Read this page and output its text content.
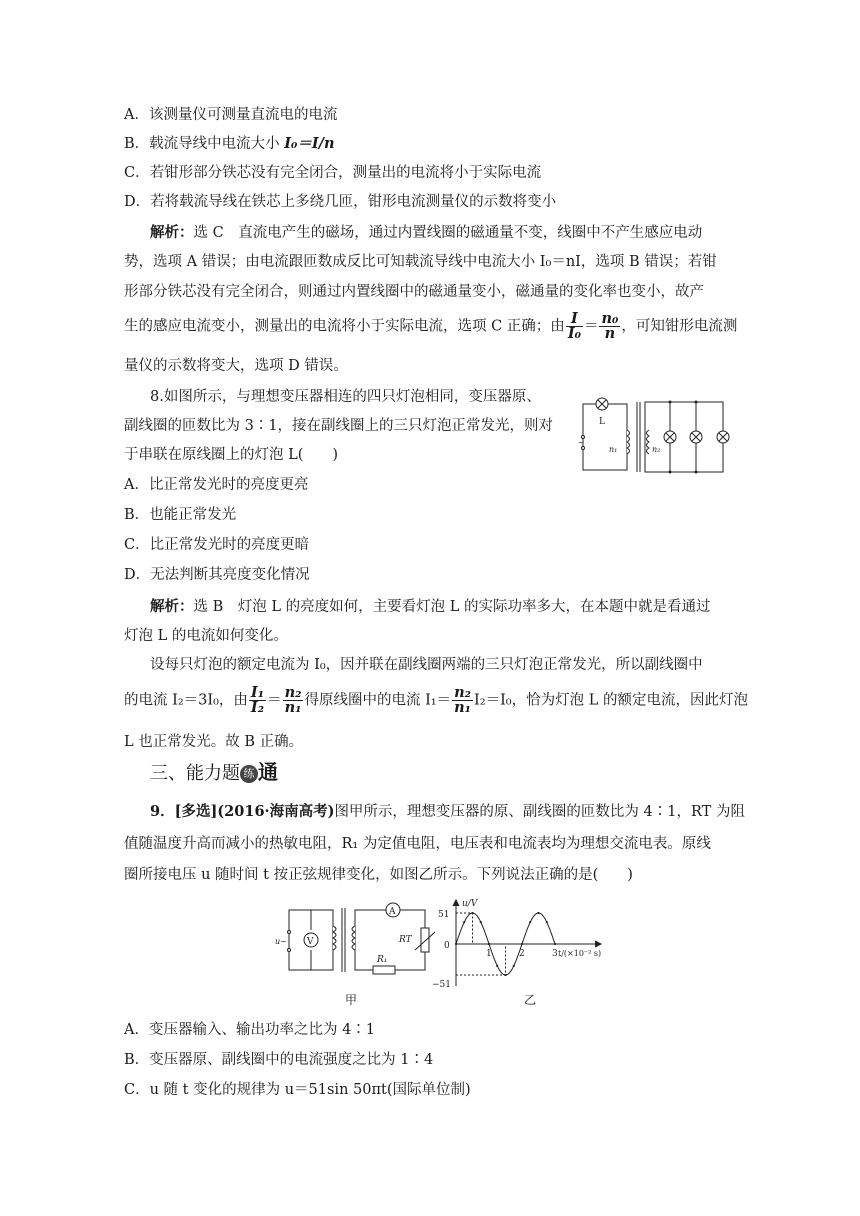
A．该测量仪可测量直流电的电流
B．载流导线中电流大小 I₀＝I/n
C．若钳形部分铁芯没有完全闭合，测量出的电流将小于实际电流
D．若将载流导线在铁芯上多绕几匝，钳形电流测量仪的示数将变小
解析：选 C　直流电产生的磁场，通过内置线圈的磁通量不变，线圈中不产生感应电动
势，选项 A 错误；由电流跟匝数成反比可知载流导线中电流大小 I₀＝nI，选项 B 错误；若钳
形部分铁芯没有完全闭合，则通过内置线圈中的磁通量变小，磁通量的变化率也变小，故产
生的感应电流变小，测量出的电流将小于实际电流，选项 C 正确；由 $\frac{I}{\text{I₀}} = \frac{\text{n₀}}{n}$ ，可知钳形电流测
量仪的示数将变大，选项 D 错误。
8.如图所示，与理想变压器相连的四只灯泡相同，变压器原、
副线圈的匝数比为 3∶1，接在副线圈上的三只灯泡正常发光，则对
于串联在原线圈上的灯泡 L(　　)
A．比正常发光时的亮度更亮
B．也能正常发光
C．比正常发光时的亮度更暗
D．无法判断其亮度变化情况
~
L
n₁	n₂
解析：选 B　灯泡 L 的亮度如何，主要看灯泡 L 的实际功率多大，在本题中就是看通过
灯泡 L 的电流如何变化。
设每只灯泡的额定电流为 I₀，因并联在副线圈两端的三只灯泡正常发光，所以副线圈中
的电流 I₂＝3I₀，由 $\frac{\text{I₁}}{\text{I₂}} = \frac{\text{n₂}}{\text{n₁}}$ 得原线圈中的电流 $I_1= \frac{\text{n₂}}{\text{n₁}} I_2=I_0$，恰为灯泡 L 的额定电流，因此灯泡
L 也正常发光。故 B 正确。
三、能力题 练 通
9．[多选](2016·海南高考)图甲所示，理想变压器的原、副线圈的匝数比为 4∶1，RT 为阻
值随温度升高而减小的热敏电阻，R₁ 为定值电阻，电压表和电流表均为理想交流电表。原线
圈所接电压 u 随时间 t 按正弦规律变化，如图乙所示。下列说法正确的是(　　)
u~ V
A
RT
R₁
甲
u/V
t/(×10⁻² s)
0
51
−51
1	2	3
乙
A．变压器输入、输出功率之比为 4∶1
B．变压器原、副线圈中的电流强度之比为 1∶4
C．u 随 t 变化的规律为 u＝51sin 50πt(国际单位制)
